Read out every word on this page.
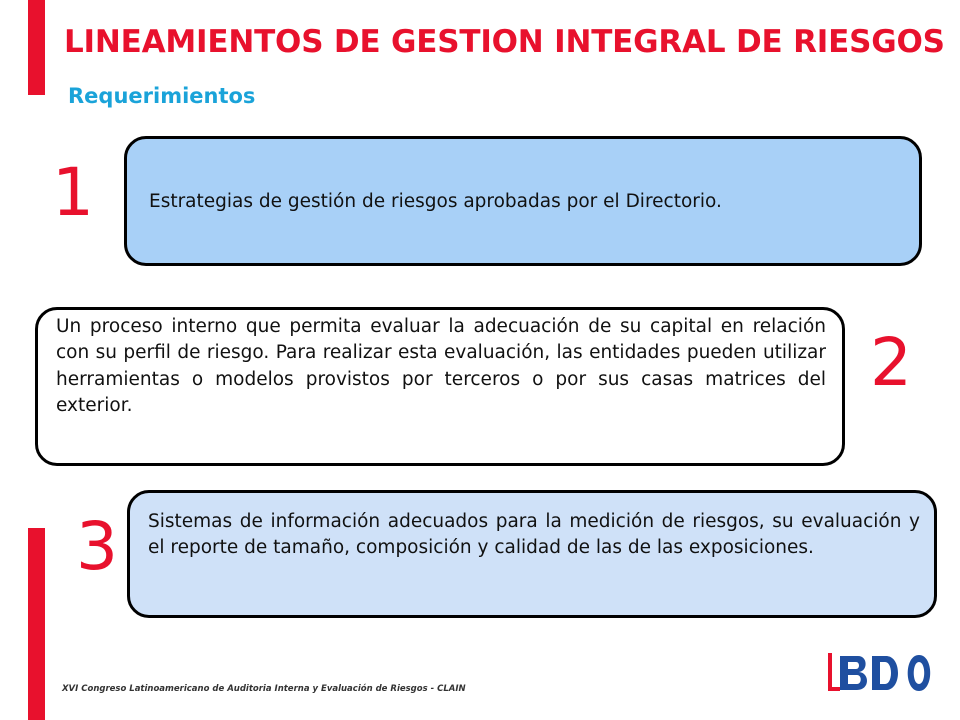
LINEAMIENTOS DE GESTION INTEGRAL DE RIESGOS
Requerimientos
1	Estrategias de gestión de riesgos aprobadas por el Directorio.
Un proceso interno que permita evaluar la adecuación de su capital en relación con su perfil de riesgo. Para realizar esta evaluación, las entidades pueden utilizar herramientas o modelos provistos por terceros o por sus casas matrices del exterior.
2
3	Sistemas de información adecuados para la medición de riesgos, su evaluación y el reporte de tamaño, composición y calidad de las de las exposiciones.
XVI Congreso Latinoamericano de Auditoria Interna y Evaluación de Riesgos - CLAIN
